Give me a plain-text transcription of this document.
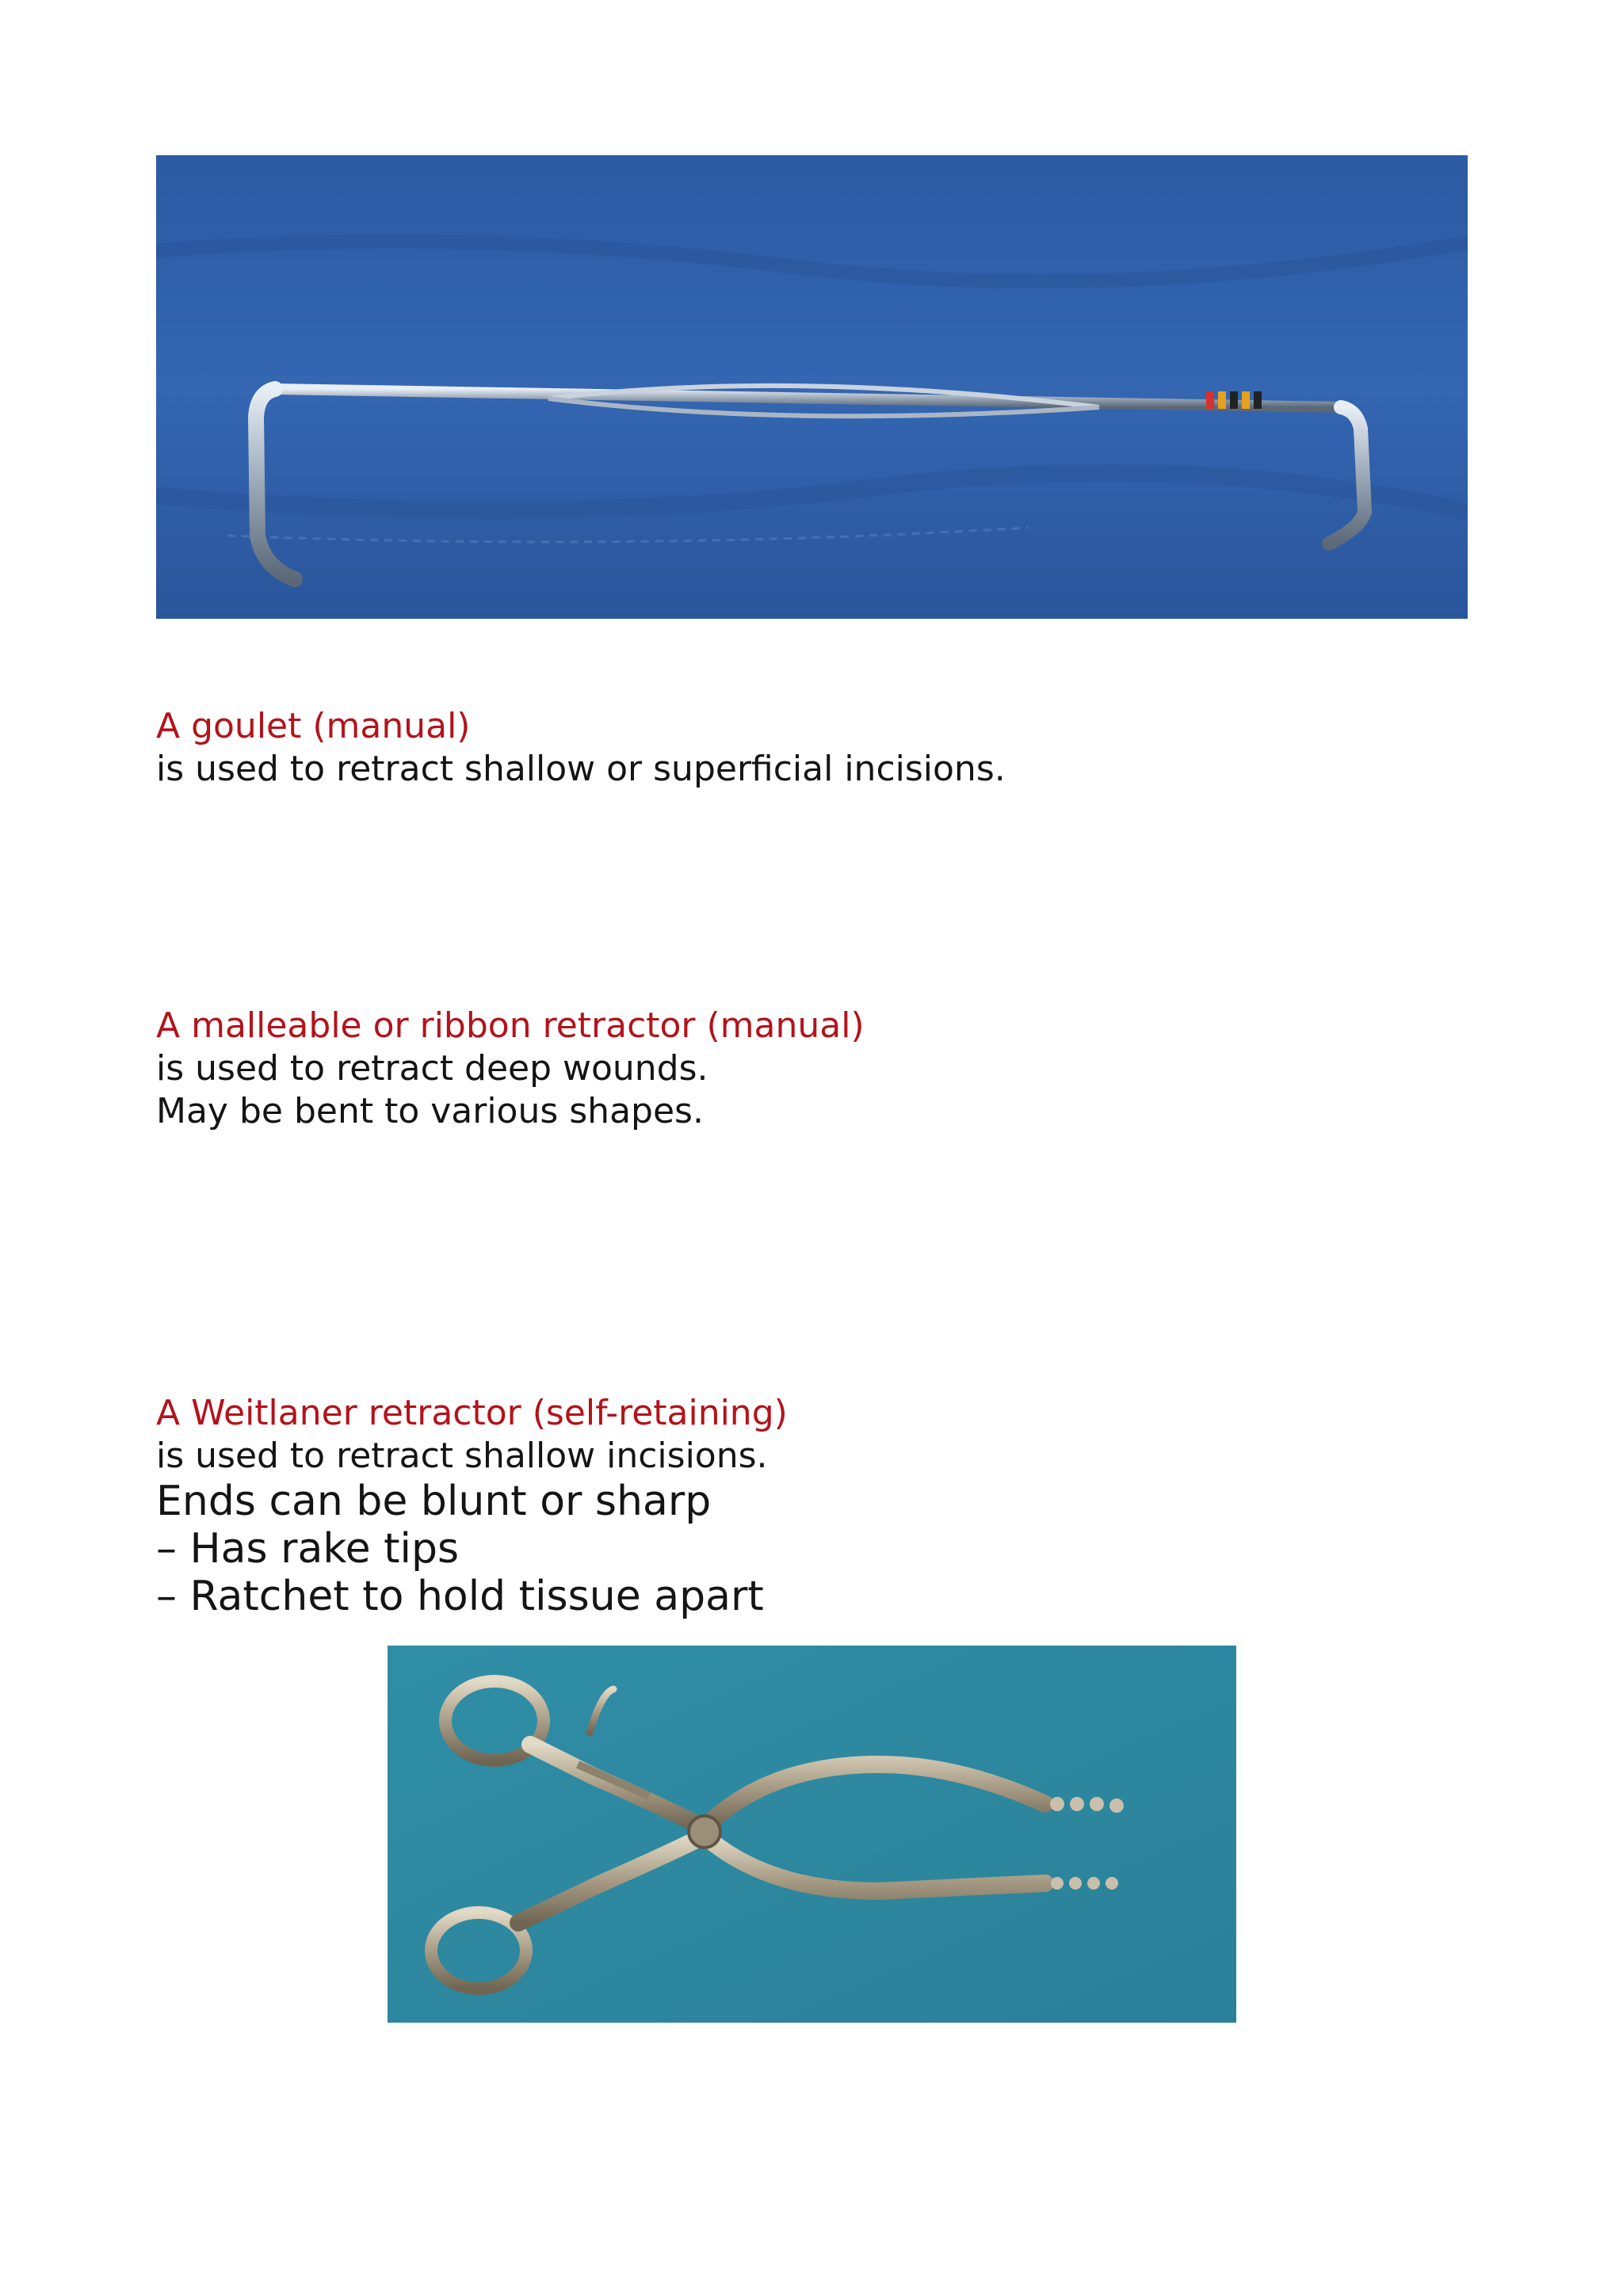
A goulet (manual)
is used to retract shallow or superficial incisions.
A malleable or ribbon retractor (manual)
is used to retract deep wounds.
May be bent to various shapes.
A Weitlaner retractor (self-retaining)
is used to retract shallow incisions.
Ends can be blunt or sharp
– Has rake tips
– Ratchet to hold tissue apart
